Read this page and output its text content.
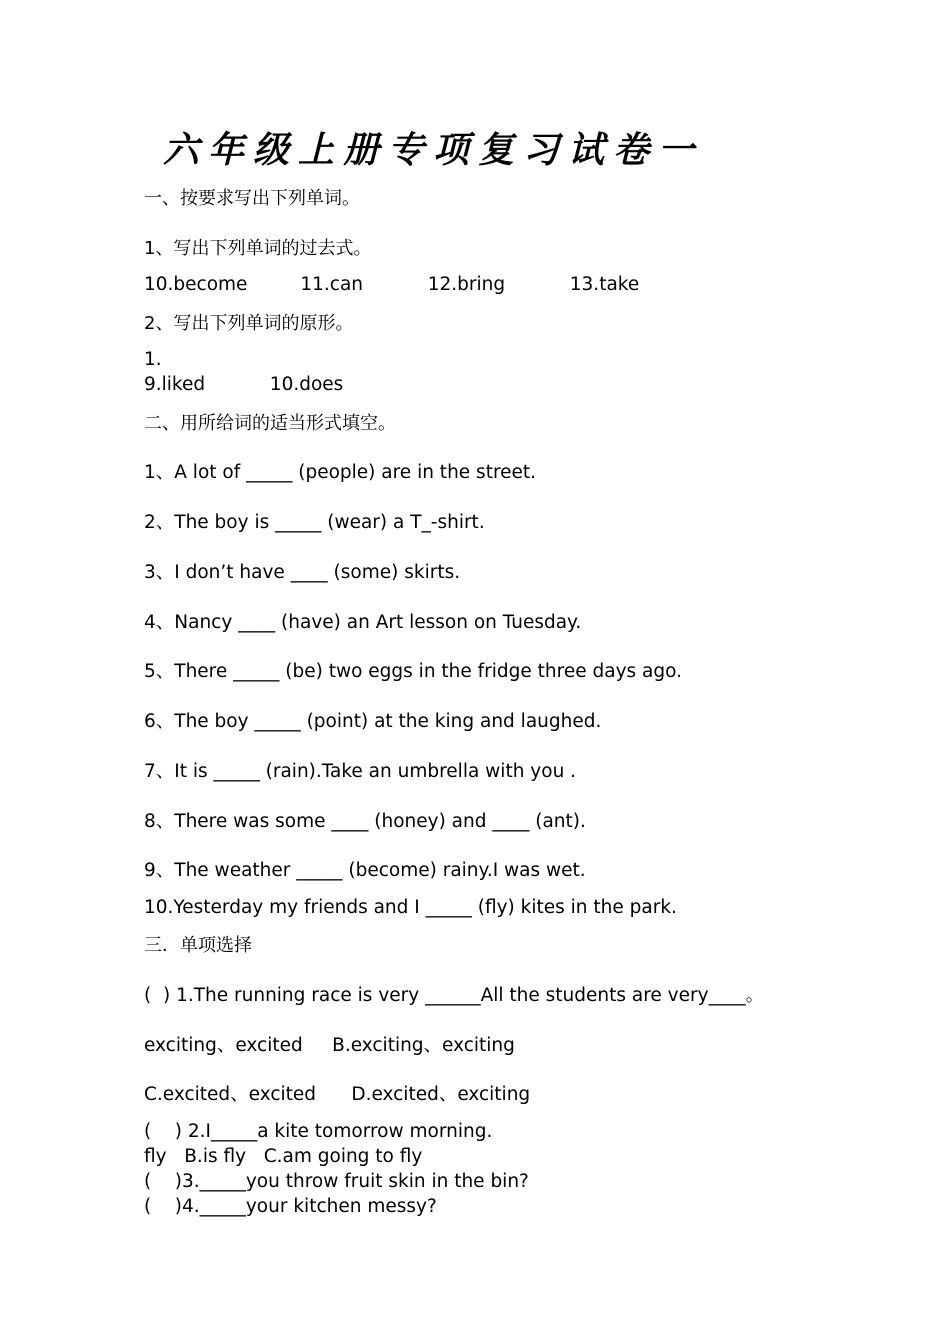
六年级上册专项复习试卷一
一、按要求写出下列单词。
1、写出下列单词的过去式。
10.become         11.can           12.bring           13.take
2、写出下列单词的原形。
1.
9.liked           10.does
二、用所给词的适当形式填空。
1、A lot of _____ (people) are in the street.
2、The boy is _____ (wear) a T_-shirt.
3、I don’t have ____ (some) skirts.
4、Nancy ____ (have) an Art lesson on Tuesday.
5、There _____ (be) two eggs in the fridge three days ago.
6、The boy _____ (point) at the king and laughed.
7、It is _____ (rain).Take an umbrella with you .
8、There was some ____ (honey) and ____ (ant).
9、The weather _____ (become) rainy.I was wet.
10.Yesterday my friends and I _____ (fly) kites in the park.
三．单项选择
(  ) 1.The running race is very ______All the students are very____。
exciting、excited     B.exciting、exciting
C.excited、excited      D.excited、exciting
(    ) 2.I_____a kite tomorrow morning.
fly   B.is fly   C.am going to fly
(    )3._____you throw fruit skin in the bin?
(    )4._____your kitchen messy?
